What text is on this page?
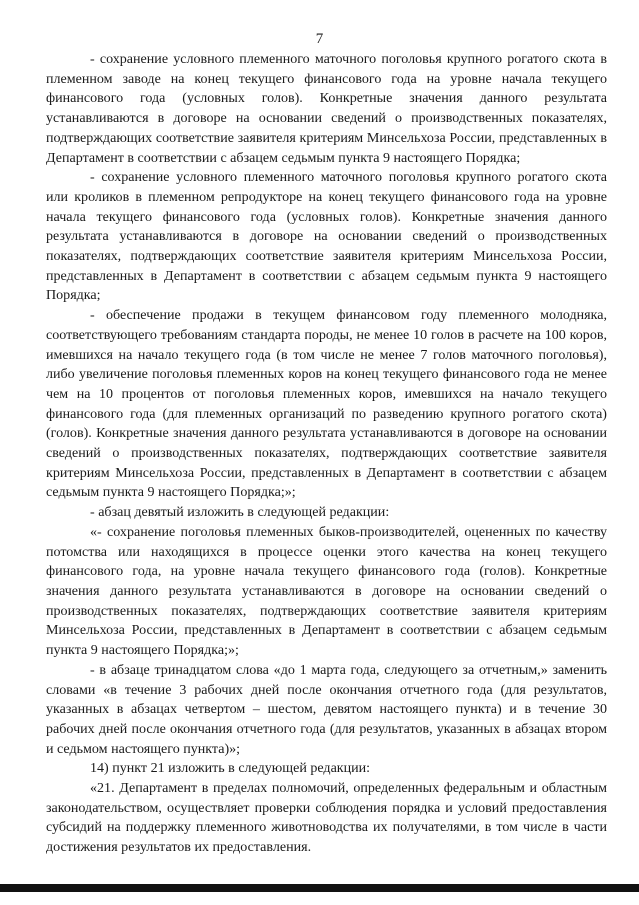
7

- сохранение условного племенного маточного поголовья крупного рогатого скота в племенном заводе на конец текущего финансового года на уровне начала текущего финансового года (условных голов). Конкретные значения данного результата устанавливаются в договоре на основании сведений о производственных показателях, подтверждающих соответствие заявителя критериям Минсельхоза России, представленных в Департамент в соответствии с абзацем седьмым пункта 9 настоящего Порядка;

- сохранение условного племенного маточного поголовья крупного рогатого скота или кроликов в племенном репродукторе на конец текущего финансового года на уровне начала текущего финансового года (условных голов). Конкретные значения данного результата устанавливаются в договоре на основании сведений о производственных показателях, подтверждающих соответствие заявителя критериям Минсельхоза России, представленных в Департамент в соответствии с абзацем седьмым пункта 9 настоящего Порядка;

- обеспечение продажи в текущем финансовом году племенного молодняка, соответствующего требованиям стандарта породы, не менее 10 голов в расчете на 100 коров, имевшихся на начало текущего года (в том числе не менее 7 голов маточного поголовья), либо увеличение поголовья племенных коров на конец текущего финансового года не менее чем на 10 процентов от поголовья племенных коров, имевшихся на начало текущего финансового года (для племенных организаций по разведению крупного рогатого скота) (голов). Конкретные значения данного результата устанавливаются в договоре на основании сведений о производственных показателях, подтверждающих соответствие заявителя критериям Минсельхоза России, представленных в Департамент в соответствии с абзацем седьмым пункта 9 настоящего Порядка;»;

- абзац девятый изложить в следующей редакции:

«- сохранение поголовья племенных быков-производителей, оцененных по качеству потомства или находящихся в процессе оценки этого качества на конец текущего финансового года, на уровне начала текущего финансового года (голов). Конкретные значения данного результата устанавливаются в договоре на основании сведений о производственных показателях, подтверждающих соответствие заявителя критериям Минсельхоза России, представленных в Департамент в соответствии с абзацем седьмым пункта 9 настоящего Порядка;»;

- в абзаце тринадцатом слова «до 1 марта года, следующего за отчетным,» заменить словами «в течение 3 рабочих дней после окончания отчетного года (для результатов, указанных в абзацах четвертом – шестом, девятом настоящего пункта) и в течение 30 рабочих дней после окончания отчетного года (для результатов, указанных в абзацах втором и седьмом настоящего пункта)»;

14) пункт 21 изложить в следующей редакции:

«21. Департамент в пределах полномочий, определенных федеральным и областным законодательством, осуществляет проверки соблюдения порядка и условий предоставления субсидий на поддержку племенного животноводства их получателями, в том числе в части достижения результатов их предоставления.
